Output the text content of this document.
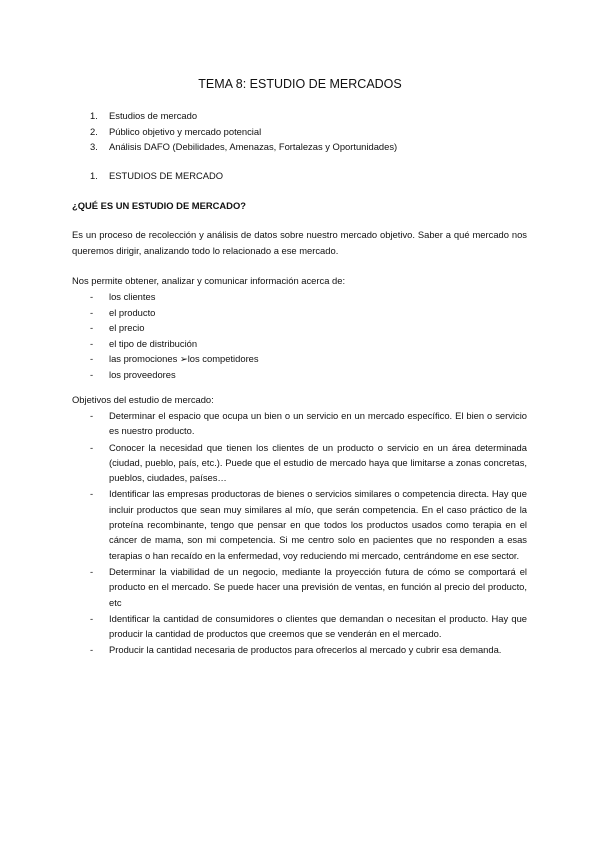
TEMA 8: ESTUDIO DE MERCADOS
1. Estudios de mercado
2. Público objetivo y mercado potencial
3. Análisis DAFO (Debilidades, Amenazas, Fortalezas y Oportunidades)
1. ESTUDIOS DE MERCADO
¿QUÉ ES UN ESTUDIO DE MERCADO?

Es un proceso de recolección y análisis de datos sobre nuestro mercado objetivo. Saber a qué mercado nos queremos dirigir, analizando todo lo relacionado a ese mercado.

Nos permite obtener, analizar y comunicar información acerca de:

- los clientes
- el producto
- el precio
- el tipo de distribución
- las promociones ➢los competidores
- los proveedores

Objetivos del estudio de mercado:

- Determinar el espacio que ocupa un bien o un servicio en un mercado específico. El bien o servicio es nuestro producto.
- Conocer la necesidad que tienen los clientes de un producto o servicio en un área determinada (ciudad, pueblo, país, etc.). Puede que el estudio de mercado haya que limitarse a zonas concretas, pueblos, ciudades, países…
- Identificar las empresas productoras de bienes o servicios similares o competencia directa. Hay que incluir productos que sean muy similares al mío, que serán competencia. En el caso práctico de la proteína recombinante, tengo que pensar en que todos los productos usados como terapia en el cáncer de mama, son mi competencia. Si me centro solo en pacientes que no responden a esas terapias o han recaído en la enfermedad, voy reduciendo mi mercado, centrándome en ese sector.
- Determinar la viabilidad de un negocio, mediante la proyección futura de cómo se comportará el producto en el mercado. Se puede hacer una previsión de ventas, en función al precio del producto, etc
- Identificar la cantidad de consumidores o clientes que demandan o necesitan el producto. Hay que producir la cantidad de productos que creemos que se venderán en el mercado.
- Producir la cantidad necesaria de productos para ofrecerlos al mercado y cubrir esa demanda.
